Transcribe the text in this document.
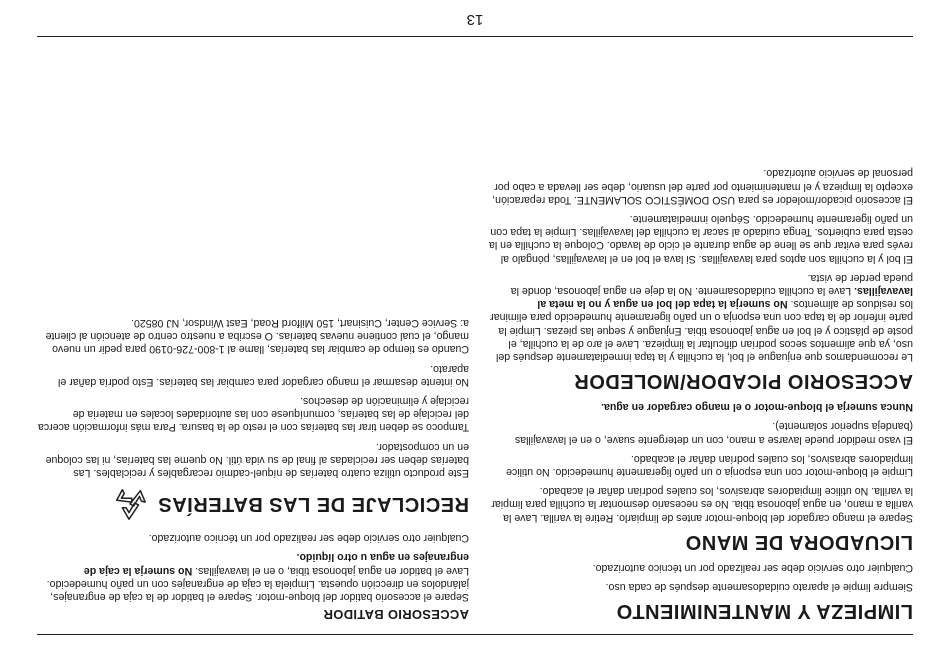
13
LIMPIEZA Y MANTENIMIENTO

Siempre limpie el aparato cuidadosamente después de cada uso.

Cualquier otro servicio debe ser realizado por un técnico autorizado.

LICUADORA DE MANO

Separe el mango cargador del bloque-motor antes de limpiarlo. Retire la varilla. Lave la varilla a mano, en agua jabonosa tibia. No es necesario desmontar la cuchilla para limpiar la varilla. No utilice limpiadores abrasivos, los cuales podrían dañar el acabado.

Limpie el bloque-motor con una esponja o un paño ligeramente humedecido. No utilice limpiadores abrasivos, los cuales podrían dañar el acabado.

El vaso medidor puede lavarse a mano, con un detergente suave, o en el lavavajillas (bandeja superior solamente).

Nunca sumerja el bloque-motor o el mango cargador en agua.

ACCESORIO PICADOR/MOLEDOR

Le recomendamos que enjuague el bol, la cuchilla y la tapa inmediatamente después del uso, ya que alimentos secos podrían dificultar la limpieza. Lave el aro de la cuchilla, el poste de plástico y el bol en agua jabonosa tibia. Enjuague y seque las piezas. Limpie la parte inferior de la tapa con una esponja o un paño ligeramente humedecido para eliminar los residuos de alimentos. No sumerja la tapa del bol en agua y no la meta al lavavajillas. Lave la cuchilla cuidadosamente. No la deje en agua jabonosa, donde la pueda perder de vista.

El bol y la cuchilla son aptos para lavavajillas. Si lava el bol en el lavavajillas, póngalo al revés para evitar que se llene de agua durante el ciclo de lavado. Coloque la cuchilla en la cesta para cubiertos. Tenga cuidado al sacar la cuchilla del lavavajillas. Limpie la tapa con un paño ligeramente humedecido. Séquelo inmediatamente.

El accesorio picador/moledor es para USO DOMÉSTICO SOLAMENTE. Toda reparación, excepto la limpieza y el mantenimiento por parte del usuario, debe ser llevada a cabo por personal de servicio autorizado.

ACCESORIO BATIDOR

Separe el accesorio batidor del bloque-motor. Separe el batidor de la caja de engranajes, jalándolos en dirección opuesta. Limpiela la caja de engranajes con un paño humedecido. Lave el batidor en agua jabonosa tibia, o en el lavavajillas. No sumerja la caja de engranajes en agua u otro líquido.

Cualquier otro servicio debe ser realizado por un técnico autorizado.

RECICLAJE DE LAS BATERÍAS

Este producto utiliza cuatro baterías de níquel-cadmio recargables y reciclables. Las baterías deben ser recicladas al final de su vida útil. No queme las baterías, ni las coloque en un compostador.

Tampoco se deben tirar las baterías con el resto de la basura. Para más información acerca del reciclaje de las baterías, comuníquese con las autoridades locales en materia de reciclaje y eliminación de desechos.

No intente desarmar el mango cargador para cambiar las baterías. Esto podría dañar el aparato.

Cuando es tiempo de cambiar las baterías, llame al 1-800-726-0190 para pedir un nuevo mango, el cual contiene nuevas baterías. O escriba a nuestro centro de atención al cliente a: Service Center, Cuisinart, 150 Milford Road, East Windsor, NJ 08520.
